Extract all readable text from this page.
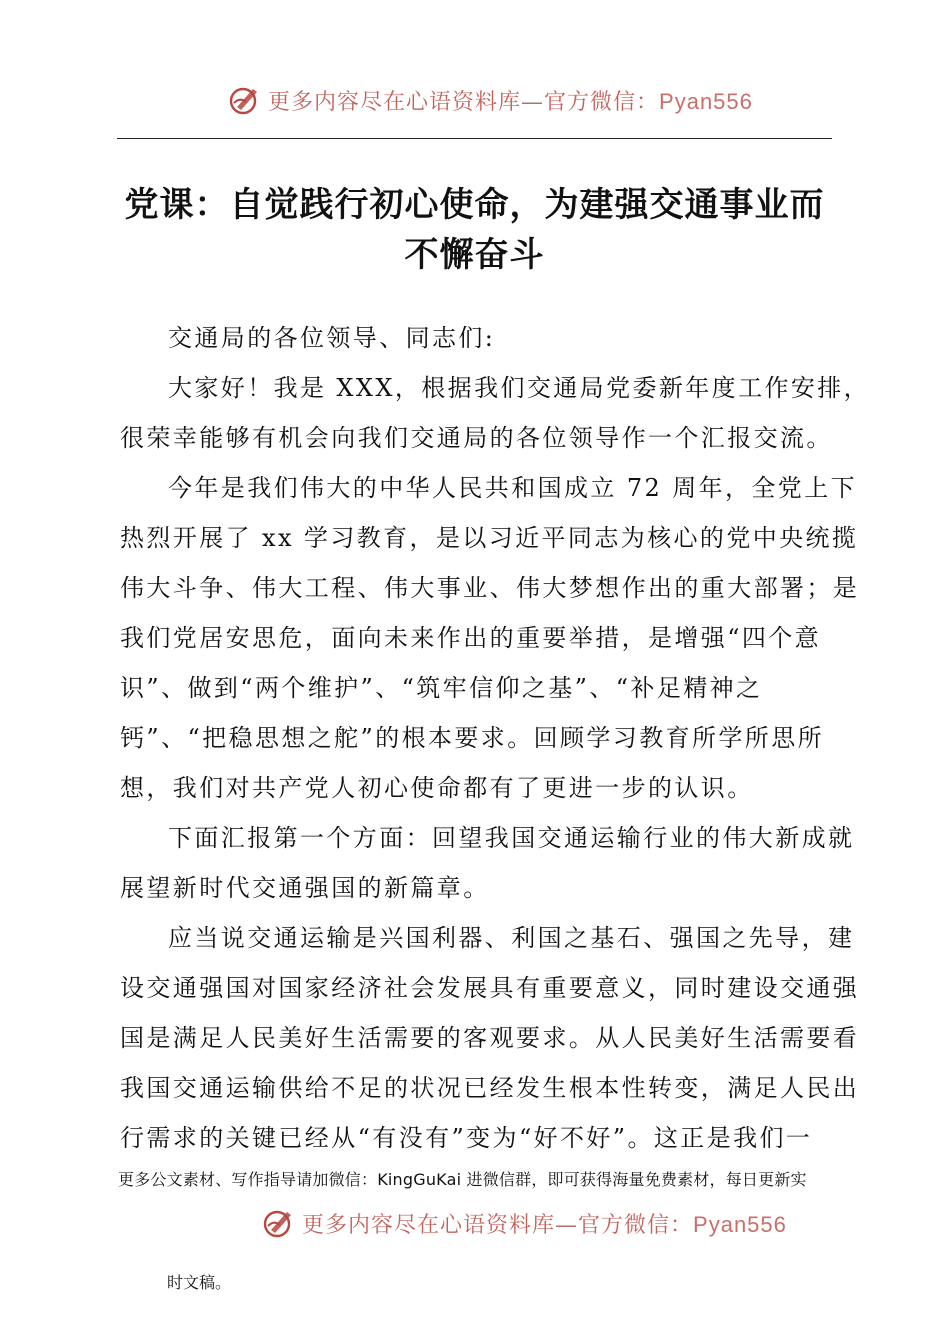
更多内容尽在心语资料库—官方微信：Pyan556
党课：自觉践行初心使命，为建强交通事业而
不懈奋斗
交通局的各位领导、同志们:
大家好！我是 XXX，根据我们交通局党委新年度工作安排，
很荣幸能够有机会向我们交通局的各位领导作一个汇报交流。
今年是我们伟大的中华人民共和国成立 72 周年，全党上下
热烈开展了 xx 学习教育，是以习近平同志为核心的党中央统揽
伟大斗争、伟大工程、伟大事业、伟大梦想作出的重大部署；是
我们党居安思危，面向未来作出的重要举措，是增强“四个意
识”、做到“两个维护”、“筑牢信仰之基”、“补足精神之
钙”、“把稳思想之舵”的根本要求。回顾学习教育所学所思所
想，我们对共产党人初心使命都有了更进一步的认识。
下面汇报第一个方面：回望我国交通运输行业的伟大新成就
展望新时代交通强国的新篇章。
应当说交通运输是兴国利器、利国之基石、强国之先导，建
设交通强国对国家经济社会发展具有重要意义，同时建设交通强
国是满足人民美好生活需要的客观要求。从人民美好生活需要看
我国交通运输供给不足的状况已经发生根本性转变，满足人民出
行需求的关键已经从“有没有”变为“好不好”。这正是我们一
更多公文素材、写作指导请加微信：KingGuKai 进微信群，即可获得海量免费素材，每日更新实
更多内容尽在心语资料库—官方微信：Pyan556
时文稿。
